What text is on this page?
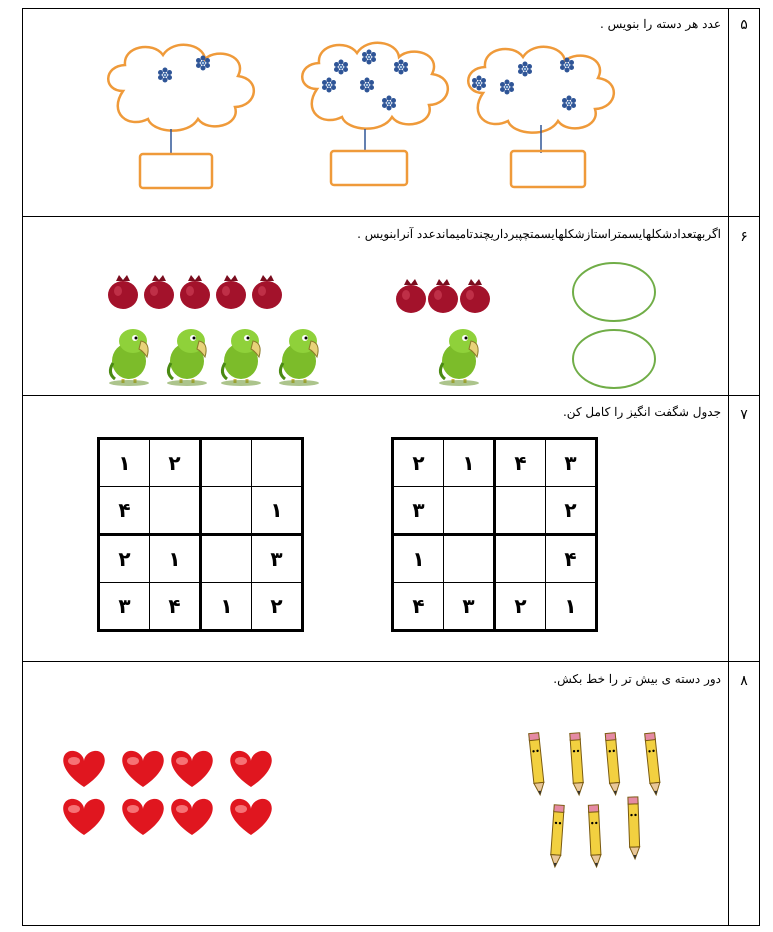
۵
عدد هر دسته را بنویس .
۶
اگربهتعدادشکلهایسمتراستازشکلهایسمتچپبرداریچندتامیماندعدد آنرابنویس .
۷
جدول شگفت انگیز را کامل کن.
۸
دور دسته ی بیش تر را خط بکش.
۱	۲		
۴			۱
۲	۱		۳
۳	۴	۱	۲
۲	۱	۴	۳
۳			۲
۱			۴
۴	۳	۲	۱
